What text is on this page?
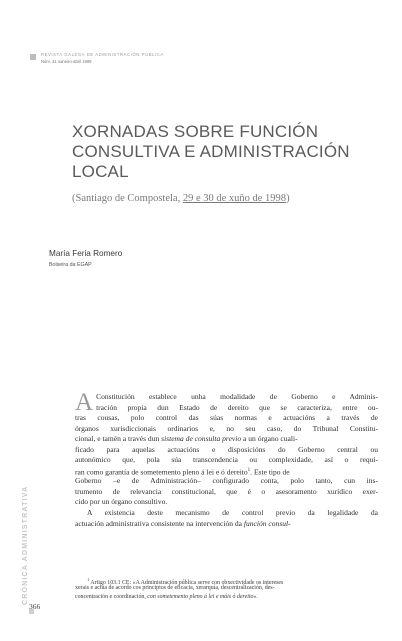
REVISTA GALEGA DE ADMINISTRACIÓN PÚBLICA
Núm. 21 xaneiro-abril 1999
XORNADAS SOBRE FUNCIÓN
CONSULTIVA E ADMINISTRACIÓN
LOCAL
(Santiago de Compostela, 29 e 30 de xuño de 1998)
María Feria Romero
Bolseira da EGAP
A Constitución establece unha modalidade de Goberno e Adminis-
tración propia dun Estado de dereito que se caracteriza, entre ou-
tras cousas, polo control das súas normas e actuacións a través de
órganos xurisdiccionais ordinarios e, no seu caso, do Tribunal Constitu-
cional, e tamén a través dun sistema de consulta previo a un órgano cuali-
ficado para aquelas actuacións e disposicións do Goberno central ou
autonómico que, pola súa transcendencia ou complexidade, así o requi-
ran como garantía de sometemento pleno á lei e ó dereito$^1$. Este tipo de
Goberno –e de Administración– configurado conta, polo tanto, cun ins-
trumento de relevancia constitucional, que é o asesoramento xurídico exer-
cido por un órgano consultivo.
A existencia deste mecanismo de control previo da legalidade da
actuación administrativa consistente na intervención da función consul-
$^1$ Artigo 103.1 CE: «A Administración pública serve con obxectividade os intereses
xerais e actúa de acordo cos principios de eficacia, xerarquía, descentralización, des-
concentración e coordinación, con sometemento pleno á lei e máis ó dereito».
CRÓNICA ADMINISTRATIVA
366
